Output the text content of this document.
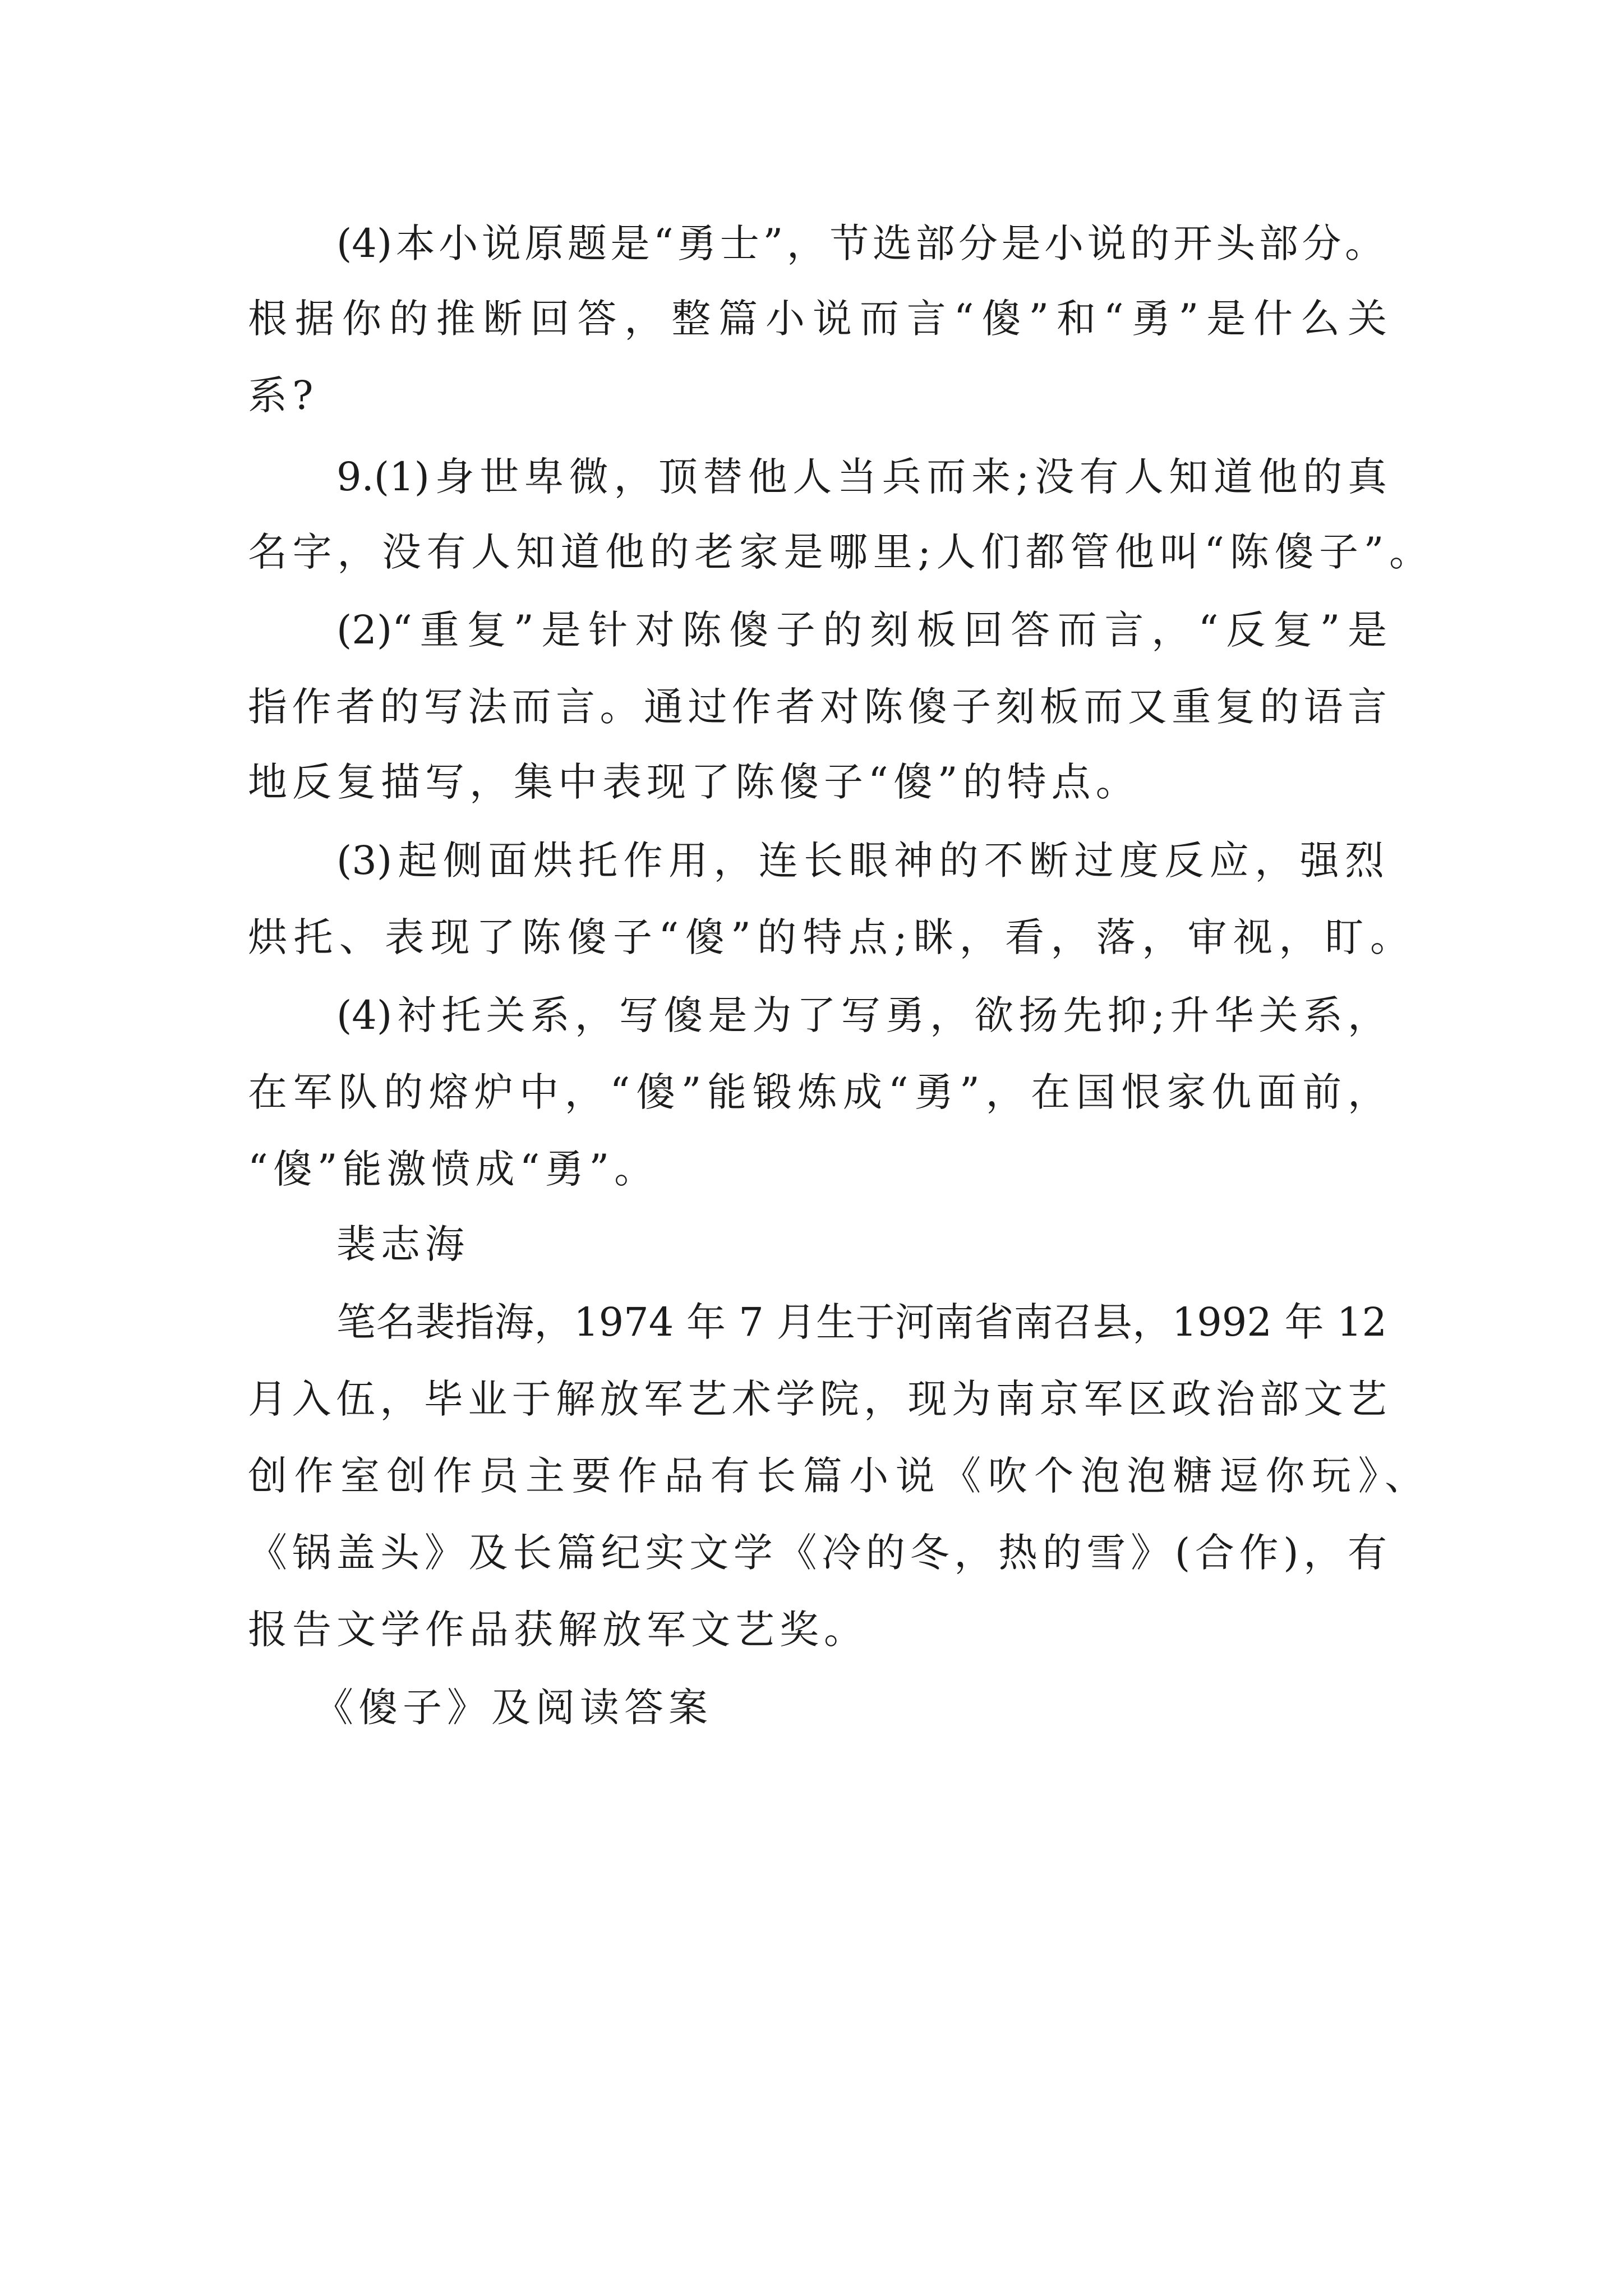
(4)本小说原题是“勇士”，节选部分是小说的开头部分。
根据你的推断回答，整篇小说而言“傻”和“勇”是什么关
系?
9.(1)身世卑微，顶替他人当兵而来;没有人知道他的真
名字，没有人知道他的老家是哪里;人们都管他叫“陈傻子”。
(2)“重复”是针对陈傻子的刻板回答而言，“反复”是
指作者的写法而言。通过作者对陈傻子刻板而又重复的语言
地反复描写，集中表现了陈傻子“傻”的特点。
(3)起侧面烘托作用，连长眼神的不断过度反应，强烈
烘托、表现了陈傻子“傻”的特点;眯，看，落，审视，盯。
(4)衬托关系，写傻是为了写勇，欲扬先抑;升华关系，
在军队的熔炉中，“傻”能锻炼成“勇”，在国恨家仇面前，
“傻”能激愤成“勇”。
裴志海
笔名裴指海，1974 年 7 月生于河南省南召县，1992 年 12
月入伍，毕业于解放军艺术学院，现为南京军区政治部文艺
创作室创作员主要作品有长篇小说《吹个泡泡糖逗你玩》、
《锅盖头》及长篇纪实文学《冷的冬，热的雪》(合作)，有
报告文学作品获解放军文艺奖。
《傻子》及阅读答案
